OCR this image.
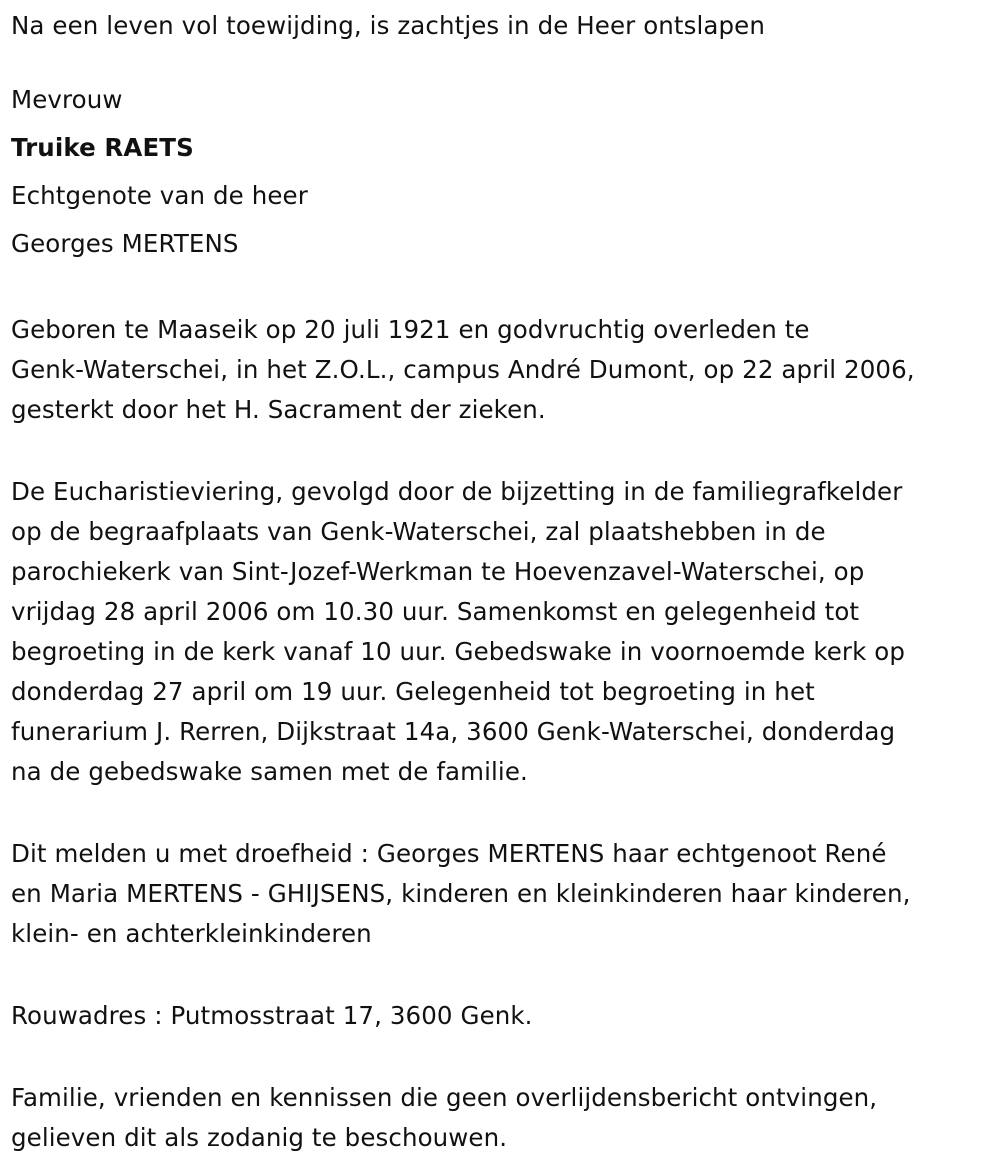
Na een leven vol toewijding, is zachtjes in de Heer ontslapen

Mevrouw

Truike RAETS

Echtgenote van de heer

Georges MERTENS

Geboren te Maaseik op 20 juli 1921 en godvruchtig overleden te

Genk-Waterschei, in het Z.O.L., campus André Dumont, op 22 april 2006,

gesterkt door het H. Sacrament der zieken.

De Eucharistieviering, gevolgd door de bijzetting in de familiegrafkelder

op de begraafplaats van Genk-Waterschei, zal plaatshebben in de

parochiekerk van Sint-Jozef-Werkman te Hoevenzavel-Waterschei, op

vrijdag 28 april 2006 om 10.30 uur. Samenkomst en gelegenheid tot

begroeting in de kerk vanaf 10 uur. Gebedswake in voornoemde kerk op

donderdag 27 april om 19 uur. Gelegenheid tot begroeting in het

funerarium J. Rerren, Dijkstraat 14a, 3600 Genk-Waterschei, donderdag

na de gebedswake samen met de familie.

Dit melden u met droefheid : Georges MERTENS haar echtgenoot René

en Maria MERTENS - GHIJSENS, kinderen en kleinkinderen haar kinderen,

klein- en achterkleinkinderen

Rouwadres : Putmosstraat 17, 3600 Genk.

Familie, vrienden en kennissen die geen overlijdensbericht ontvingen,

gelieven dit als zodanig te beschouwen.
